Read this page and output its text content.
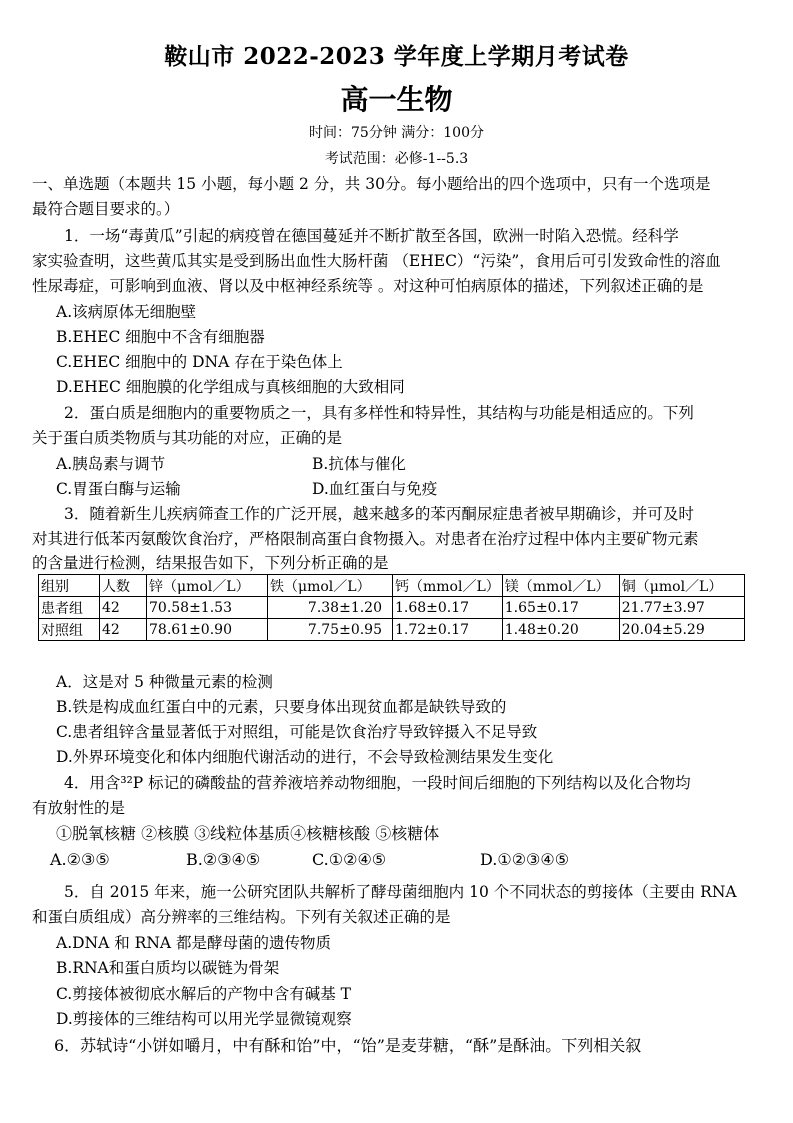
鞍山市 2022-2023 学年度上学期月考试卷
高一生物
时间：75分钟 满分：100分
考试范围：必修-1--5.3
一、单选题（本题共 15 小题，每小题 2 分，共 30分。每小题给出的四个选项中，只有一个选项是
最符合题目要求的。）
1．一场“毒黄瓜”引起的病疫曾在德国蔓延并不断扩散至各国，欧洲一时陷入恐慌。经科学
家实验查明，这些黄瓜其实是受到肠出血性大肠杆菌 （EHEC）“污染”，食用后可引发致命性的溶血
性尿毒症，可影响到血液、肾以及中枢神经系统等 。对这种可怕病原体的描述，下列叙述正确的是
A.该病原体无细胞壁
B.EHEC 细胞中不含有细胞器
C.EHEC 细胞中的 DNA 存在于染色体上
D.EHEC 细胞膜的化学组成与真核细胞的大致相同
2．蛋白质是细胞内的重要物质之一，具有多样性和特异性，其结构与功能是相适应的。下列
关于蛋白质类物质与其功能的对应，正确的是
A.胰岛素与调节	B.抗体与催化
C.胃蛋白酶与运输	D.血红蛋白与免疫
3．随着新生儿疾病筛查工作的广泛开展，越来越多的苯丙酮尿症患者被早期确诊，并可及时
对其进行低苯丙氨酸饮食治疗，严格限制高蛋白食物摄入。对患者在治疗过程中体内主要矿物元素
的含量进行检测，结果报告如下，下列分析正确的是
组别	人数	锌（μmol／L）	铁（μmol／L）	钙（mmol／L）	镁（mmol／L）	铜（μmol／L）
患者组	42	70.58±1.53	7.38±1.20	1.68±0.17	1.65±0.17	21.77±3.97
对照组	42	78.61±0.90	7.75±0.95	1.72±0.17	1.48±0.20	20.04±5.29
A．这是对 5 种微量元素的检测
B.铁是构成血红蛋白中的元素，只要身体出现贫血都是缺铁导致的
C.患者组锌含量显著低于对照组，可能是饮食治疗导致锌摄入不足导致
D.外界环境变化和体内细胞代谢活动的进行，不会导致检测结果发生变化
4．用含³²P 标记的磷酸盐的营养液培养动物细胞，一段时间后细胞的下列结构以及化合物均
有放射性的是
①脱氧核糖 ②核膜 ③线粒体基质④核糖核酸 ⑤核糖体
A.②③⑤	B.②③④⑤	C.①②④⑤	D.①②③④⑤
5．自 2015 年来，施一公研究团队共解析了酵母菌细胞内 10 个不同状态的剪接体（主要由 RNA
和蛋白质组成）高分辨率的三维结构。下列有关叙述正确的是
A.DNA 和 RNA 都是酵母菌的遗传物质
B.RNA和蛋白质均以碳链为骨架
C.剪接体被彻底水解后的产物中含有碱基 T
D.剪接体的三维结构可以用光学显微镜观察
6．苏轼诗“小饼如嚼月，中有酥和饴”中，“饴”是麦芽糖，“酥”是酥油。下列相关叙
